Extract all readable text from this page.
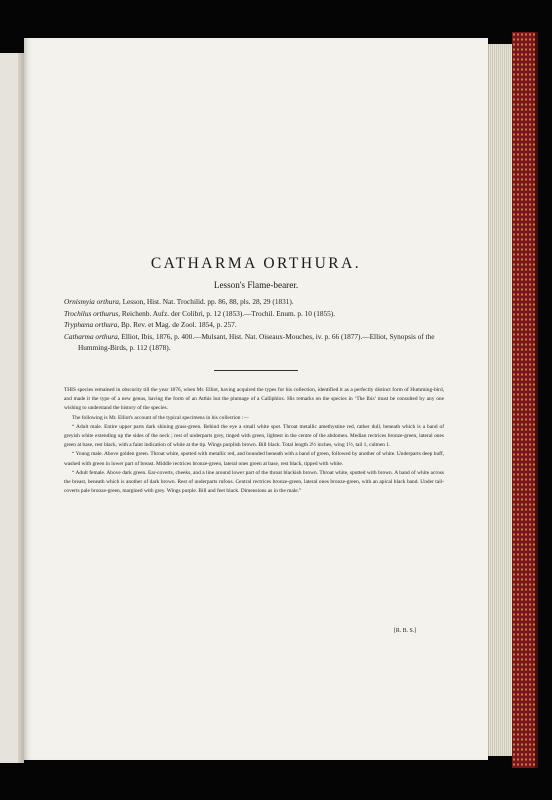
CATHARMA ORTHURA.
Lesson's Flame-bearer.

Ornismyia orthura, Lesson, Hist. Nat. Trochilid. pp. 86, 88, pls. 28, 29 (1831).

Trochilus orthurus, Reichenb. Aufz. der Colibri, p. 12 (1853).—Trochil. Enum. p. 10 (1855).

Tryphæna orthura, Bp. Rev. et Mag. de Zool. 1854, p. 257.

Catharma orthura, Elliot, Ibis, 1876, p. 400.—Mulsant, Hist. Nat. Oiseaux-Mouches, iv. p. 66 (1877).—Elliot, Synopsis of the Humming-Birds, p. 112 (1878).

THIS species remained in obscurity till the year 1876, when Mr. Elliot, having acquired the types for his collection, identified it as a perfectly distinct form of Humming-bird, and made it the type of a new genus, having the form of an Atthis but the plumage of a Calliphlox. His remarks on the species in ‘The Ibis’ must be consulted by any one wishing to understand the history of the species.

The following is Mr. Elliot's account of the typical specimens in his collection :—

“ Adult male. Entire upper parts dark shining grass-green. Behind the eye a small white spot. Throat metallic amethystine red, rather dull, beneath which is a band of greyish white extending up the sides of the neck ; rest of underparts grey, tinged with green, lightest in the centre of the abdomen. Median rectrices bronze-green, lateral ones green at base, rest black, with a faint indication of white at the tip. Wings purplish brown. Bill black. Total length 2½ inches, wing 1½, tail 1, culmen 1.

“ Young male. Above golden green. Throat white, spotted with metallic red, and bounded beneath with a band of green, followed by another of white. Underparts deep buff, washed with green in lower part of breast. Middle rectrices bronze-green, lateral ones green at base, rest black, tipped with white.

“ Adult female. Above dark green. Ear-coverts, cheeks, and a line around lower part of the throat blackish brown. Throat white, spotted with brown. A band of white across the breast, beneath which is another of dark brown. Rest of underparts rufous. Central rectrices bronze-green, lateral ones bronze-green, with an apical black band. Under tail-coverts pale bronze-green, margined with grey. Wings purple. Bill and feet black. Dimensions as in the male.”

[R. B. S.]
